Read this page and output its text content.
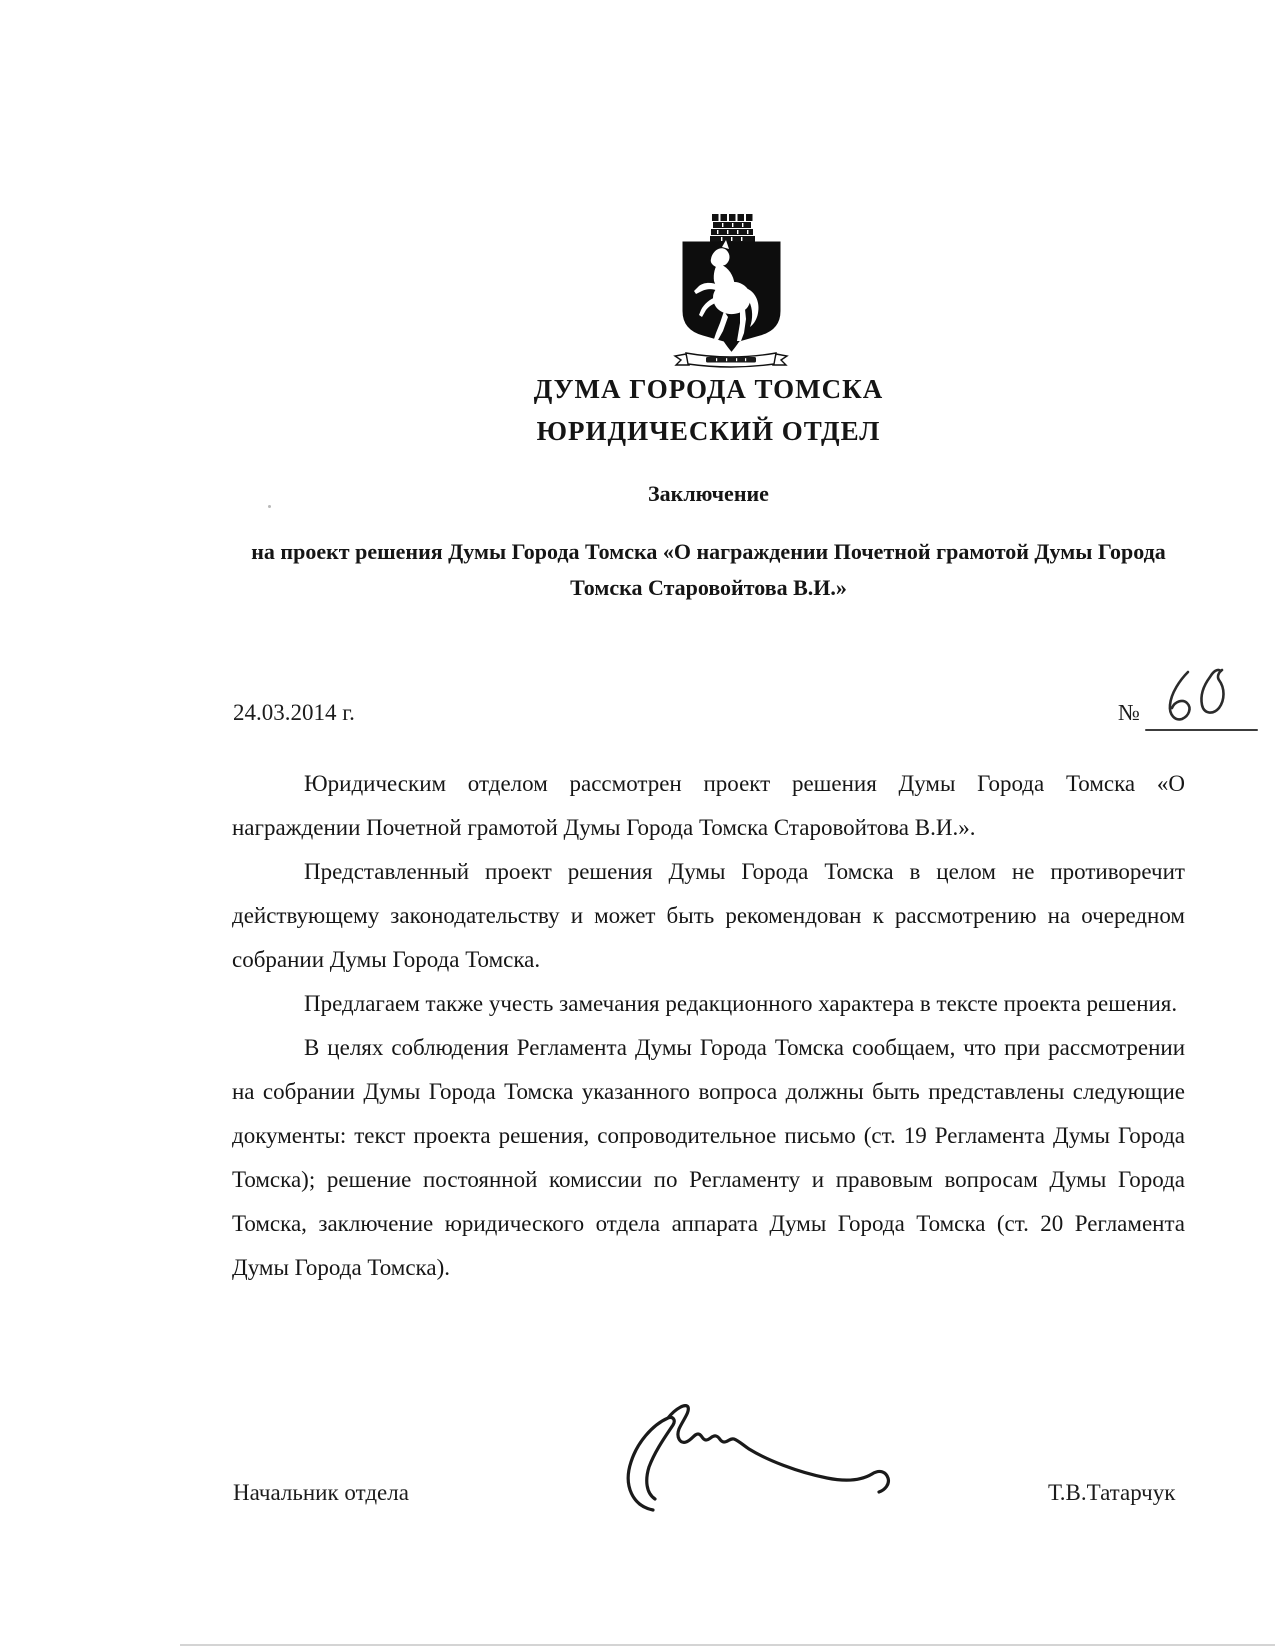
ДУМА ГОРОДА ТОМСКА
ЮРИДИЧЕСКИЙ ОТДЕЛ
Заключение
на проект решения Думы Города Томска «О награждении Почетной грамотой Думы Города Томска Старовойтова В.И.»
24.03.2014 г.	№

Юридическим отделом рассмотрен проект решения Думы Города Томска «О награждении Почетной грамотой Думы Города Томска Старовойтова В.И.».

Представленный проект решения Думы Города Томска в целом не противоречит действующему законодательству и может быть рекомендован к рассмотрению на очередном собрании Думы Города Томска.

Предлагаем также учесть замечания редакционного характера в тексте проекта решения.

В целях соблюдения Регламента Думы Города Томска сообщаем, что при рассмотрении на собрании Думы Города Томска указанного вопроса должны быть представлены следующие документы: текст проекта решения, сопроводительное письмо (ст. 19 Регламента Думы Города Томска); решение постоянной комиссии по Регламенту и правовым вопросам Думы Города Томска, заключение юридического отдела аппарата Думы Города Томска (ст. 20 Регламента Думы Города Томска).

Начальник отдела	Т.В.Татарчук
